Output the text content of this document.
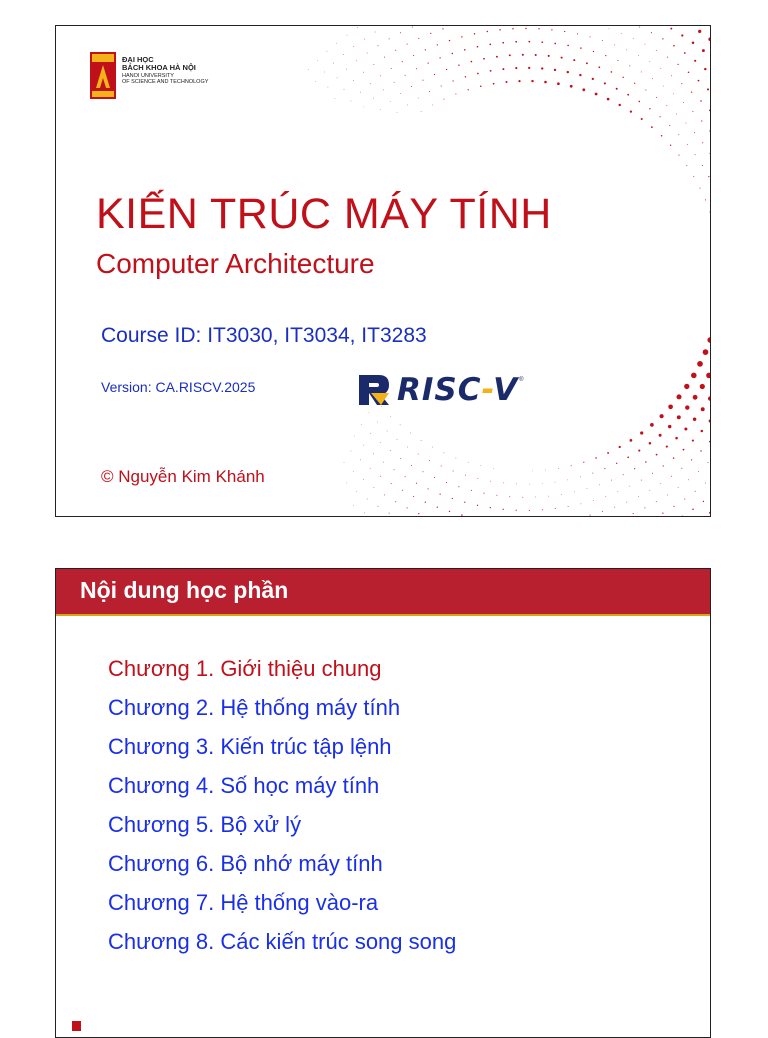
ĐẠI HỌC
BÁCH KHOA HÀ NỘI
HANOI UNIVERSITY
OF SCIENCE AND TECHNOLOGY
KIẾN TRÚC MÁY TÍNH
Computer Architecture
Course ID: IT3030, IT3034, IT3283
Version: CA.RISCV.2025	RISC-V ®
© Nguyễn Kim Khánh
Nội dung học phần
Chương 1. Giới thiệu chung
Chương 2. Hệ thống máy tính
Chương 3. Kiến trúc tập lệnh
Chương 4. Số học máy tính
Chương 5. Bộ xử lý
Chương 6. Bộ nhớ máy tính
Chương 7. Hệ thống vào-ra
Chương 8. Các kiến trúc song song
